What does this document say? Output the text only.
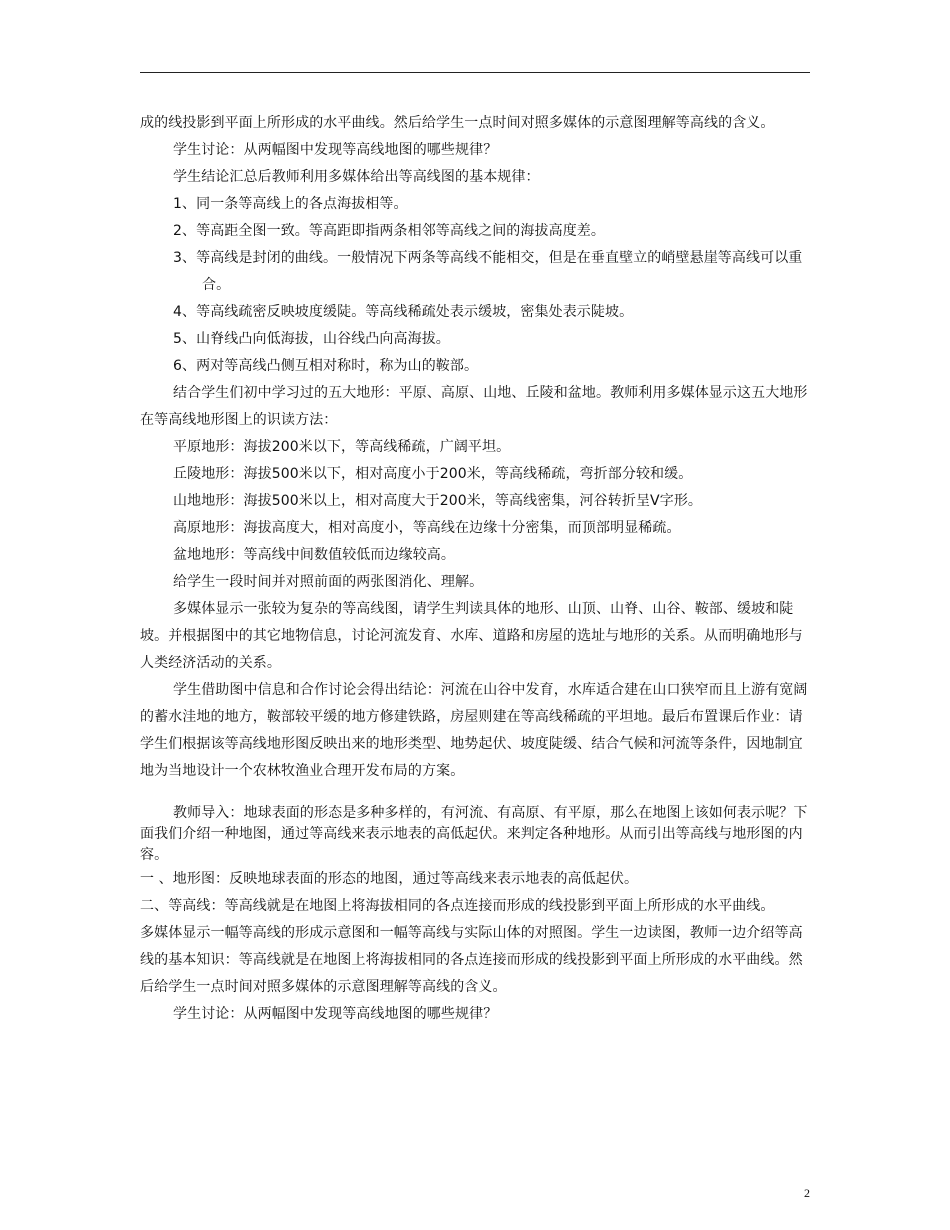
成的线投影到平面上所形成的水平曲线。然后给学生一点时间对照多媒体的示意图理解等高线的含义。

学生讨论：从两幅图中发现等高线地图的哪些规律？

学生结论汇总后教师利用多媒体给出等高线图的基本规律：

1、同一条等高线上的各点海拔相等。

2、等高距全图一致。等高距即指两条相邻等高线之间的海拔高度差。

3、等高线是封闭的曲线。一般情况下两条等高线不能相交，但是在垂直壁立的峭壁悬崖等高线可以重合。

4、等高线疏密反映坡度缓陡。等高线稀疏处表示缓坡，密集处表示陡坡。

5、山脊线凸向低海拔，山谷线凸向高海拔。

6、两对等高线凸侧互相对称时，称为山的鞍部。

结合学生们初中学习过的五大地形：平原、高原、山地、丘陵和盆地。教师利用多媒体显示这五大地形在等高线地形图上的识读方法：

平原地形：海拔200米以下，等高线稀疏，广阔平坦。

丘陵地形：海拔500米以下，相对高度小于200米，等高线稀疏，弯折部分较和缓。

山地地形：海拔500米以上，相对高度大于200米，等高线密集，河谷转折呈V字形。

高原地形：海拔高度大，相对高度小，等高线在边缘十分密集，而顶部明显稀疏。

盆地地形：等高线中间数值较低而边缘较高。

给学生一段时间并对照前面的两张图消化、理解。

多媒体显示一张较为复杂的等高线图，请学生判读具体的地形、山顶、山脊、山谷、鞍部、缓坡和陡坡。并根据图中的其它地物信息，讨论河流发育、水库、道路和房屋的选址与地形的关系。从而明确地形与人类经济活动的关系。

学生借助图中信息和合作讨论会得出结论：河流在山谷中发育，水库适合建在山口狭窄而且上游有宽阔的蓄水洼地的地方，鞍部较平缓的地方修建铁路，房屋则建在等高线稀疏的平坦地。最后布置课后作业：请学生们根据该等高线地形图反映出来的地形类型、地势起伏、坡度陡缓、结合气候和河流等条件，因地制宜地为当地设计一个农林牧渔业合理开发布局的方案。

教师导入：地球表面的形态是多种多样的，有河流、有高原、有平原，那么在地图上该如何表示呢？下面我们介绍一种地图，通过等高线来表示地表的高低起伏。来判定各种地形。从而引出等高线与地形图的内容。

一 、地形图：反映地球表面的形态的地图，通过等高线来表示地表的高低起伏。

二、等高线：等高线就是在地图上将海拔相同的各点连接而形成的线投影到平面上所形成的水平曲线。

多媒体显示一幅等高线的形成示意图和一幅等高线与实际山体的对照图。学生一边读图，教师一边介绍等高线的基本知识：等高线就是在地图上将海拔相同的各点连接而形成的线投影到平面上所形成的水平曲线。然后给学生一点时间对照多媒体的示意图理解等高线的含义。

学生讨论：从两幅图中发现等高线地图的哪些规律？

2
